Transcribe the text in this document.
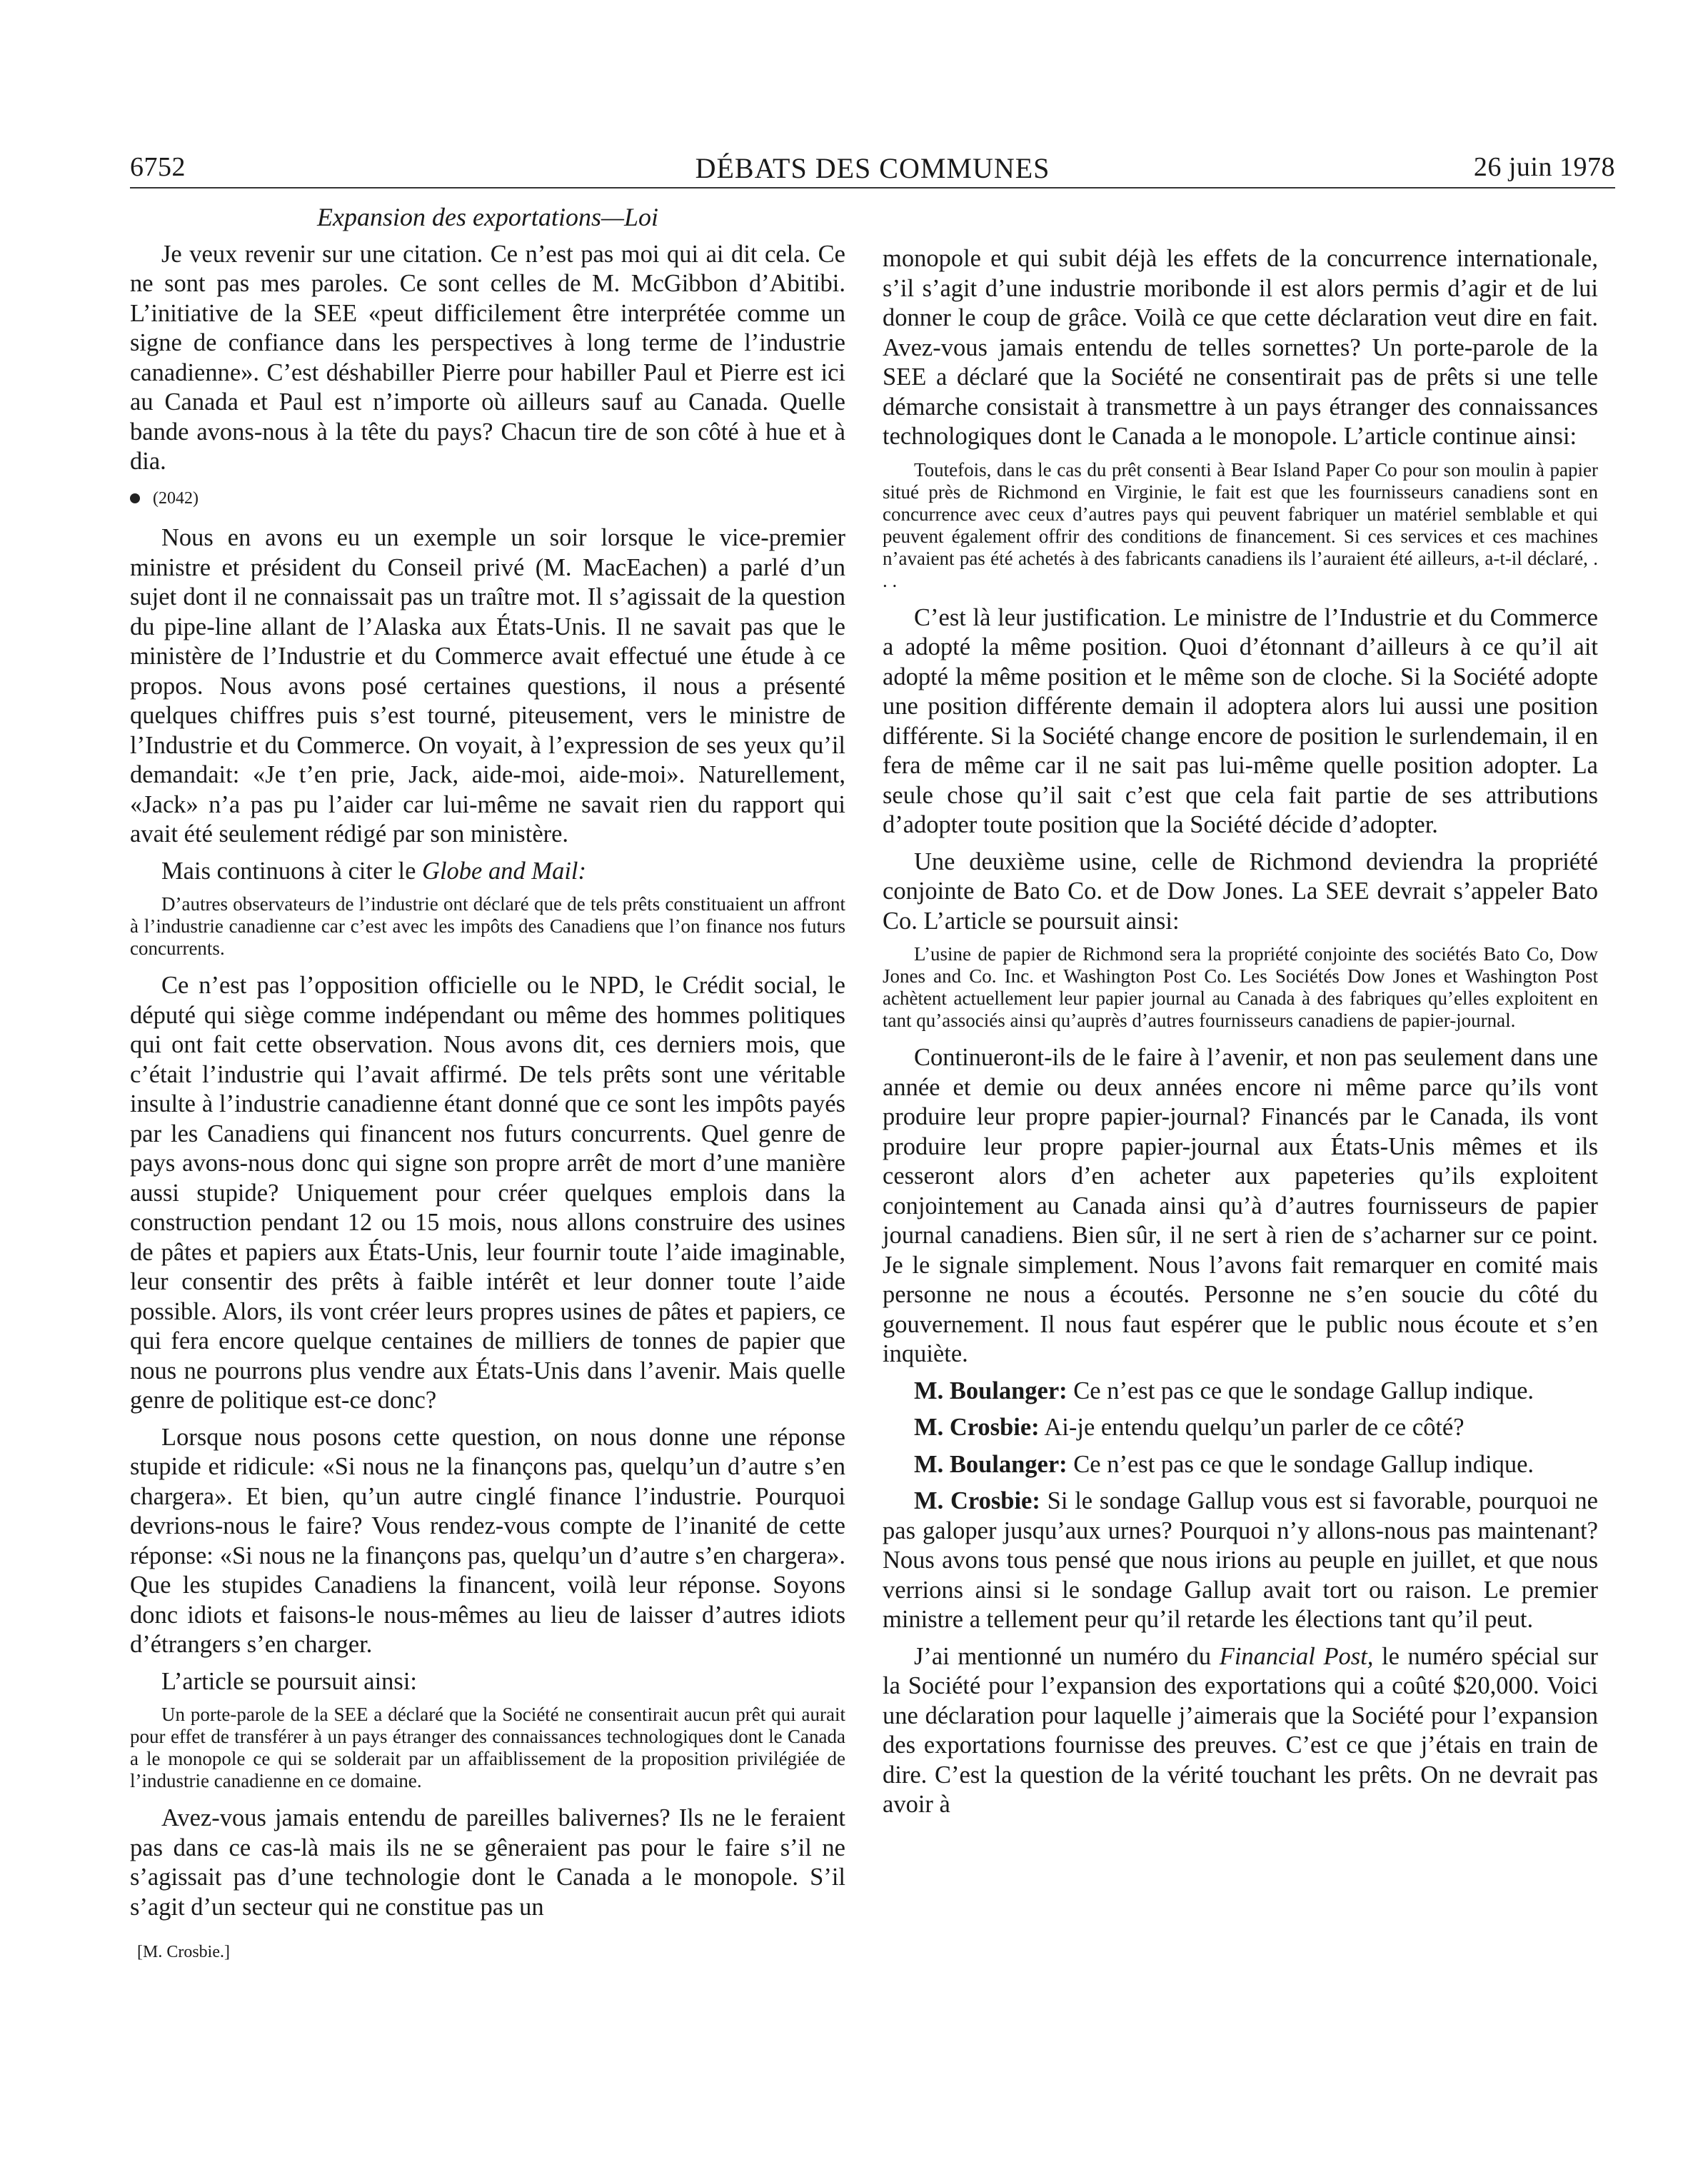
6752	DÉBATS DES COMMUNES	26 juin 1978
Expansion des exportations—Loi

Je veux revenir sur une citation. Ce n’est pas moi qui ai dit cela. Ce ne sont pas mes paroles. Ce sont celles de M. McGibbon d’Abitibi. L’initiative de la SEE «peut difficilement être interprétée comme un signe de confiance dans les perspectives à long terme de l’industrie canadienne». C’est déshabiller Pierre pour habiller Paul et Pierre est ici au Canada et Paul est n’importe où ailleurs sauf au Canada. Quelle bande avons-nous à la tête du pays? Chacun tire de son côté à hue et à dia.

(2042)

Nous en avons eu un exemple un soir lorsque le vice-premier ministre et président du Conseil privé (M. MacEachen) a parlé d’un sujet dont il ne connaissait pas un traître mot. Il s’agissait de la question du pipe-line allant de l’Alaska aux États-Unis. Il ne savait pas que le ministère de l’Industrie et du Commerce avait effectué une étude à ce propos. Nous avons posé certaines questions, il nous a présenté quelques chiffres puis s’est tourné, piteusement, vers le ministre de l’Industrie et du Commerce. On voyait, à l’expression de ses yeux qu’il demandait: «Je t’en prie, Jack, aide-moi, aide-moi». Naturellement, «Jack» n’a pas pu l’aider car lui-même ne savait rien du rapport qui avait été seulement rédigé par son ministère.

Mais continuons à citer le Globe and Mail:

D’autres observateurs de l’industrie ont déclaré que de tels prêts constituaient un affront à l’industrie canadienne car c’est avec les impôts des Canadiens que l’on finance nos futurs concurrents.

Ce n’est pas l’opposition officielle ou le NPD, le Crédit social, le député qui siège comme indépendant ou même des hommes politiques qui ont fait cette observation. Nous avons dit, ces derniers mois, que c’était l’industrie qui l’avait affirmé. De tels prêts sont une véritable insulte à l’industrie canadienne étant donné que ce sont les impôts payés par les Canadiens qui financent nos futurs concurrents. Quel genre de pays avons-nous donc qui signe son propre arrêt de mort d’une manière aussi stupide? Uniquement pour créer quelques emplois dans la construction pendant 12 ou 15 mois, nous allons construire des usines de pâtes et papiers aux États-Unis, leur fournir toute l’aide imaginable, leur consentir des prêts à faible intérêt et leur donner toute l’aide possible. Alors, ils vont créer leurs propres usines de pâtes et papiers, ce qui fera encore quelque centaines de milliers de tonnes de papier que nous ne pourrons plus vendre aux États-Unis dans l’avenir. Mais quelle genre de politique est-ce donc?

Lorsque nous posons cette question, on nous donne une réponse stupide et ridicule: «Si nous ne la finançons pas, quelqu’un d’autre s’en chargera». Et bien, qu’un autre cinglé finance l’industrie. Pourquoi devrions-nous le faire? Vous rendez-vous compte de l’inanité de cette réponse: «Si nous ne la finançons pas, quelqu’un d’autre s’en chargera». Que les stupides Canadiens la financent, voilà leur réponse. Soyons donc idiots et faisons-le nous-mêmes au lieu de laisser d’autres idiots d’étrangers s’en charger.

L’article se poursuit ainsi:

Un porte-parole de la SEE a déclaré que la Société ne consentirait aucun prêt qui aurait pour effet de transférer à un pays étranger des connaissances technologiques dont le Canada a le monopole ce qui se solderait par un affaiblissement de la proposition privilégiée de l’industrie canadienne en ce domaine.

Avez-vous jamais entendu de pareilles balivernes? Ils ne le feraient pas dans ce cas-là mais ils ne se gêneraient pas pour le faire s’il ne s’agissait pas d’une technologie dont le Canada a le monopole. S’il s’agit d’un secteur qui ne constitue pas un

[M. Crosbie.]

monopole et qui subit déjà les effets de la concurrence internationale, s’il s’agit d’une industrie moribonde il est alors permis d’agir et de lui donner le coup de grâce. Voilà ce que cette déclaration veut dire en fait. Avez-vous jamais entendu de telles sornettes? Un porte-parole de la SEE a déclaré que la Société ne consentirait pas de prêts si une telle démarche consistait à transmettre à un pays étranger des connaissances technologiques dont le Canada a le monopole. L’article continue ainsi:

Toutefois, dans le cas du prêt consenti à Bear Island Paper Co pour son moulin à papier situé près de Richmond en Virginie, le fait est que les fournisseurs canadiens sont en concurrence avec ceux d’autres pays qui peuvent fabriquer un matériel semblable et qui peuvent également offrir des conditions de financement. Si ces services et ces machines n’avaient pas été achetés à des fabricants canadiens ils l’auraient été ailleurs, a-t-il déclaré, . . .

C’est là leur justification. Le ministre de l’Industrie et du Commerce a adopté la même position. Quoi d’étonnant d’ailleurs à ce qu’il ait adopté la même position et le même son de cloche. Si la Société adopte une position différente demain il adoptera alors lui aussi une position différente. Si la Société change encore de position le surlendemain, il en fera de même car il ne sait pas lui-même quelle position adopter. La seule chose qu’il sait c’est que cela fait partie de ses attributions d’adopter toute position que la Société décide d’adopter.

Une deuxième usine, celle de Richmond deviendra la propriété conjointe de Bato Co. et de Dow Jones. La SEE devrait s’appeler Bato Co. L’article se poursuit ainsi:

L’usine de papier de Richmond sera la propriété conjointe des sociétés Bato Co, Dow Jones and Co. Inc. et Washington Post Co. Les Sociétés Dow Jones et Washington Post achètent actuellement leur papier journal au Canada à des fabriques qu’elles exploitent en tant qu’associés ainsi qu’auprès d’autres fournisseurs canadiens de papier-journal.

Continueront-ils de le faire à l’avenir, et non pas seulement dans une année et demie ou deux années encore ni même parce qu’ils vont produire leur propre papier-journal? Financés par le Canada, ils vont produire leur propre papier-journal aux États-Unis mêmes et ils cesseront alors d’en acheter aux papeteries qu’ils exploitent conjointement au Canada ainsi qu’à d’autres fournisseurs de papier journal canadiens. Bien sûr, il ne sert à rien de s’acharner sur ce point. Je le signale simplement. Nous l’avons fait remarquer en comité mais personne ne nous a écoutés. Personne ne s’en soucie du côté du gouvernement. Il nous faut espérer que le public nous écoute et s’en inquiète.

M. Boulanger: Ce n’est pas ce que le sondage Gallup indique.

M. Crosbie: Ai-je entendu quelqu’un parler de ce côté?

M. Boulanger: Ce n’est pas ce que le sondage Gallup indique.

M. Crosbie: Si le sondage Gallup vous est si favorable, pourquoi ne pas galoper jusqu’aux urnes? Pourquoi n’y allons-nous pas maintenant? Nous avons tous pensé que nous irions au peuple en juillet, et que nous verrions ainsi si le sondage Gallup avait tort ou raison. Le premier ministre a tellement peur qu’il retarde les élections tant qu’il peut.

J’ai mentionné un numéro du Financial Post, le numéro spécial sur la Société pour l’expansion des exportations qui a coûté $20,000. Voici une déclaration pour laquelle j’aimerais que la Société pour l’expansion des exportations fournisse des preuves. C’est ce que j’étais en train de dire. C’est la question de la vérité touchant les prêts. On ne devrait pas avoir à
